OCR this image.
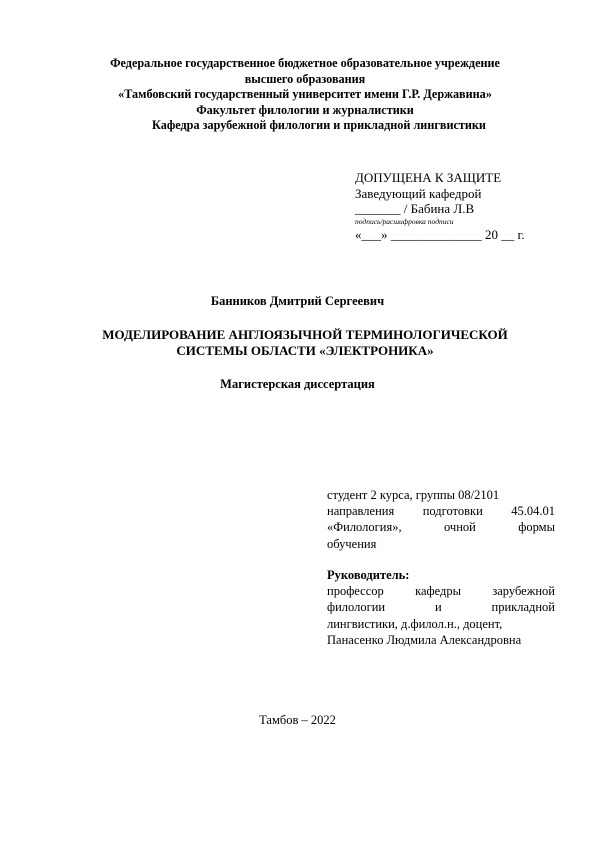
Федеральное государственное бюджетное образовательное учреждение
высшего образования
«Тамбовский государственный университет имени Г.Р. Державина»
Факультет филологии и журналистики
Кафедра зарубежной филологии и прикладной лингвистики
ДОПУЩЕНА К ЗАЩИТЕ
Заведующий кафедрой
_______ / Бабина Л.В
подпись/расшифровка подписи
«___» ______________ 20 __ г.
Банников Дмитрий Сергеевич
МОДЕЛИРОВАНИЕ АНГЛОЯЗЫЧНОЙ ТЕРМИНОЛОГИЧЕСКОЙ
СИСТЕМЫ ОБЛАСТИ «ЭЛЕКТРОНИКА»
Магистерская диссертация
студент 2 курса, группы 08/2101
направления подготовки 45.04.01
«Филология»,	очной	формы
обучения
Руководитель:
профессор	кафедры	зарубежной
филологии	и	прикладной
лингвистики, д.филол.н., доцент,
Панасенко Людмила Александровна
Тамбов – 2022
